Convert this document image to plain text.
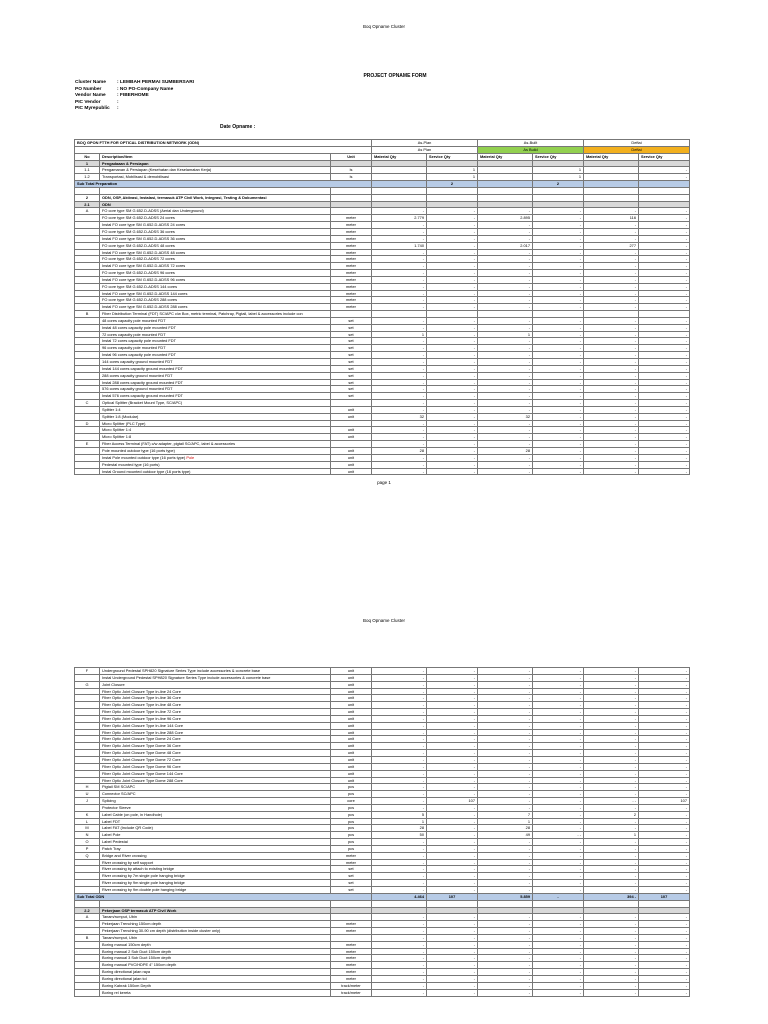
Boq Opname Cluster
PROJECT OPNAME FORM
Cluster Name	: LEMBAH PERMAI SUMBERSARI
PO Number	: NO PO-Company Name
Vendor Name	: FIBERHOME
PIC Vendor	:
PIC Myrepublic	:
Date Opname :
BOQ GPON FTTH FOR OPTICAL DISTRIBUTION NETWORK (ODN)			As-Plan		As-Built		Deftai	
			As Plan		As Build		Deftai	
No	Description/Item	Unit	Material Qty	Service Qty	Material Qty	Service Qty	Material Qty	Service Qty
1	Pengadaaan & Persiapan							
1.1	Pengamanan & Persiapan (Kesehatan dan Keselamatan Kerja)	ls		1		1		-
1.2	Transportasi, Mobilisasi & demobilisasi	ls		1		1		-
Sub Total Preparation				2		2		

2	ODN, OSP, Aktivasi, Instalasi, termasuk ATP Civil Work, Integrasi, Testing & Dokumentasi							
2.1	ODN							
A	FO core type SM G.652.D-ADSS (Aerial dan Underground)		-	-	-	-	-	-
	FO core type SM G.652.D-ADSS 24 cores	meter	2.779	-	2.895	-	116	-
	Instal FO core type SM G.652.D-ADSS 24 cores	meter	-	-	-	-	-	-
	FO core type SM G.652.D-ADSS 36 cores	meter	-	-	-	-	-	-
	Instal FO core type SM G.652.D-ADSS 36 cores	meter	-	-	-	-	-	-
	FO core type SM G.652.D-ADSS 48 cores	meter	1.740	-	2.017	-	277	-
	Instal FO core type SM G.652.D-ADSS 48 cores	meter	-	-	-	-	-	-
	FO core type SM G.652.D-ADSS 72 cores	meter	-	-	-	-	-	-
	Instal FO core type SM G.652.D-ADSS 72 cores	meter	-	-	-	-	-	-
	FO core type SM G.652.D-ADSS 96 cores	meter	-	-	-	-	-	-
	Instal FO core type SM G.652.D-ADSS 96 cores	meter	-	-	-	-	-	-
	FO core type SM G.652.D-ADSS 144 cores	meter	-	-	-	-	-	-
	Instal FO core type SM G.652.D-ADSS 144 cores	meter	-	-	-	-	-	-
	FO core type SM G.652.D-ADSS 288 cores	meter	-	-	-	-	-	-
	Instal FO core type SM G.652.D-ADSS 288 cores	meter	-	-	-	-	-	-
B	Fiber Distribution Terminal (FDT) SC/APC c/w Box, metric terminal, Patchray, Pigtail, label & accessories include con							
	48 cores capacity pole mounted FDT	set	-	-	-	-	-	-
	Instal 48 cores capacity pole mounted FDT	set	-	-	-	-	-	-
	72 cores capacity pole mounted FDT	set	1	-	1	-	-	-
	Instal 72 cores capacity pole mounted FDT	set	-	-	-	-	-	-
	96 cores capacity pole mounted FDT	set	-	-	-	-	-	-
	Instal 96 cores capacity pole mounted FDT	set	-	-	-	-	-	-
	144 cores capacity ground mounted FDT	set	-	-	-	-	-	-
	Instal 144 cores capacity ground mounted FDT	set	-	-	-	-	-	-
	288 cores capacity ground mounted FDT	set	-	-	-	-	-	-
	Instal 288 cores capacity ground mounted FDT	set	-	-	-	-	-	-
	576 cores capacity ground mounted FDT	set	-	-	-	-	-	-
	Instal 576 cores capacity ground mounted FDT	set	-	-	-	-	-	-
C	Optical Splitter (Bracket Mount Type, SC/APC)		-	-	-	-	-	-
	Splitter 1:4	unit	-	-	-	-	-	-
	Splitter 1:8 (Modular)	unit	32	-	32	-	-	-
D	Micro Splitter (PLC Type)		-	-	-	-	-	-
	Micro Splitter 1:4	unit	-	-	-	-	-	-
	Micro Splitter 1:8	unit	-	-	-	-	-	-
E	Fiber Access Terminal (FAT) c/w adapter, pigtail SC/APC, label & accessories		-	-	-	-	-	-
	Pole mounted outdoor type (16 ports type)	unit	28	-	28	-	-	-
	Instal Pole mounted outdoor type (16 ports type) Pole	unit	-	-	-	-	-	-
	Pedestal mounted type (16 ports)	unit	-	-	-	-	-	-
	Instal Ground mounted outdoor type (16 ports type)	unit	-	-	-	-	-	-
page 1
Boq Opname Cluster
F	Underground Pedestal SPH820 Signature Series Type include accessories & concrete base	unit	-	-	-	-	-	-
	Instal Underground Pedestal SPH820 Signature Series Type include accessories & concrete base	unit	-	-	-	-	-	-
G	Joint Closure	unit	-	-	-	-	-	-
	Fiber Optic Joint Closure Type In-line 24 Core	unit	-	-	-	-	-	-
	Fiber Optic Joint Closure Type In-line 36 Core	unit	-	-	-	-	-	-
	Fiber Optic Joint Closure Type In-line 48 Core	unit	-	-	-	-	-	-
	Fiber Optic Joint Closure Type In-line 72 Core	unit	-	-	-	-	-	-
	Fiber Optic Joint Closure Type In-line 96 Core	unit	-	-	-	-	-	-
	Fiber Optic Joint Closure Type In-line 144 Core	unit	-	-	-	-	-	-
	Fiber Optic Joint Closure Type In-line 288 Core	unit	-	-	-	-	-	-
	Fiber Optic Joint Closure Type Dome 24 Core	unit	-	-	-	-	-	-
	Fiber Optic Joint Closure Type Dome 36 Core	unit	-	-	-	-	-	-
	Fiber Optic Joint Closure Type Dome 48 Core	unit	-	-	-	-	-	-
	Fiber Optic Joint Closure Type Dome 72 Core	unit	-	-	-	-	-	-
	Fiber Optic Joint Closure Type Dome 96 Core	unit	-	-	-	-	-	-
	Fiber Optic Joint Closure Type Dome 144 Core	unit	-	-	-	-	-	-
	Fiber Optic Joint Closure Type Dome 288 Core	unit	-	-	-	-	-	-
H	Pigtail SM SC/APC	pcs	-	-	-	-	-	-
U	Connector SC/APC	pcs	-	-	-	-	-	-
J	Splicing	core	-	107	-	-	- -	107
	Protector Sleeve	pcs	-	-	-	-	-	-
K	Label Cable (on pole, in Handhole)	pcs	5	-	7	-	2	-
L	Label FDT	pcs	1	-	1	-	-	-
M	Label FAT (Include QR Code)	pcs	28	-	28	-	-	-
N	Label Pole	pcs	50	-	49	- -	1	-
O	Label Pedestal	pcs	-	-	-	-	-	-
P	Patch Tray	pcs	-	-	-	-	-	-
Q	Bridge and River crossing	meter	-	-	-	-	-	-
	River crossing by self support	meter	-	-	-	-	-	-
	River crossing by attach to existing bridge	set	-	-	-	-	-	-
	River crossing by 7m single pole hanging bridge	set	-	-	-	-	-	-
	River crossing by 9m single pole hanging bridge	set	-	-	-	-	-	-
	River crossing by 9m double pole hanging bridge	set	-	-	-	-	-	-
Sub Total ODN			4.464	107	5.859	-	394 -	107

2.2	Pekerjaan OSP termasuk ATP Civil Work							
A	Tanam/rumput, Ubin		-	-	-	-	-	-
	Pekerjaan Trenching 150cm depth	meter	-	-	-	-	-	-
	Pekerjaan Trenching 30-90 cm depth (distribution inside cluster only)	meter	-	-	-	-	-	-
B	Tanam/rumput, Ubin		-	-	-	-	-	-
	Boring manual 150cm depth	meter	-	-	-	-	-	-
	Boring manual 2 Sub Duct 150cm depth	meter	-	-	-	-	-	-
	Boring manual 3 Sub Duct 150cm depth	meter	-	-	-	-	-	-
	Boring manual PVC/HDPE 4" 150cm depth	meter	-	-	-	-	-	-
	Boring directional jalan raya	meter	-	-	-	-	-	-
	Boring directional jalan tol	meter	-	-	-	-	-	-
	Boring Kabrak 150cm Depth	track/meter	-	-	-	-	-	-
	Boring rel kereta	track/meter	-	-	-	-	-	-
